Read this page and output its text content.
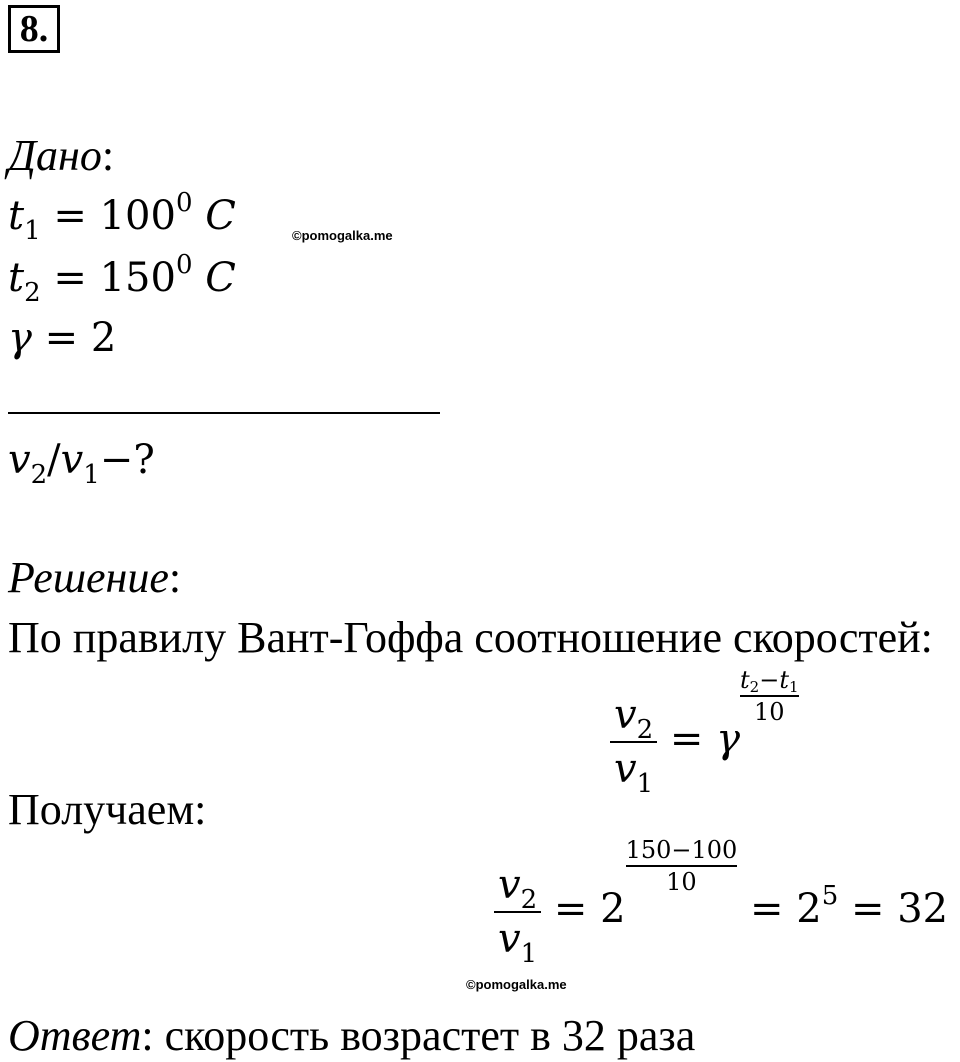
8.
Дано:
$t_1 = 100^0$ C	©pomogalka.me
$t_2 = 150^0$ C
γ = 2
$v_2/v_1-$?
Решение:
По правилу Вант-Гоффа соотношение скоростей:
$\frac{v_2}{v_1} = \gamma\frac{t_2-t_1}{10}$
Получаем:
$\frac{v_2}{v_1} = 2\frac{150-100}{10} = 2^5 = 32$
©pomogalka.me
Ответ: скорость возрастет в 32 раза
